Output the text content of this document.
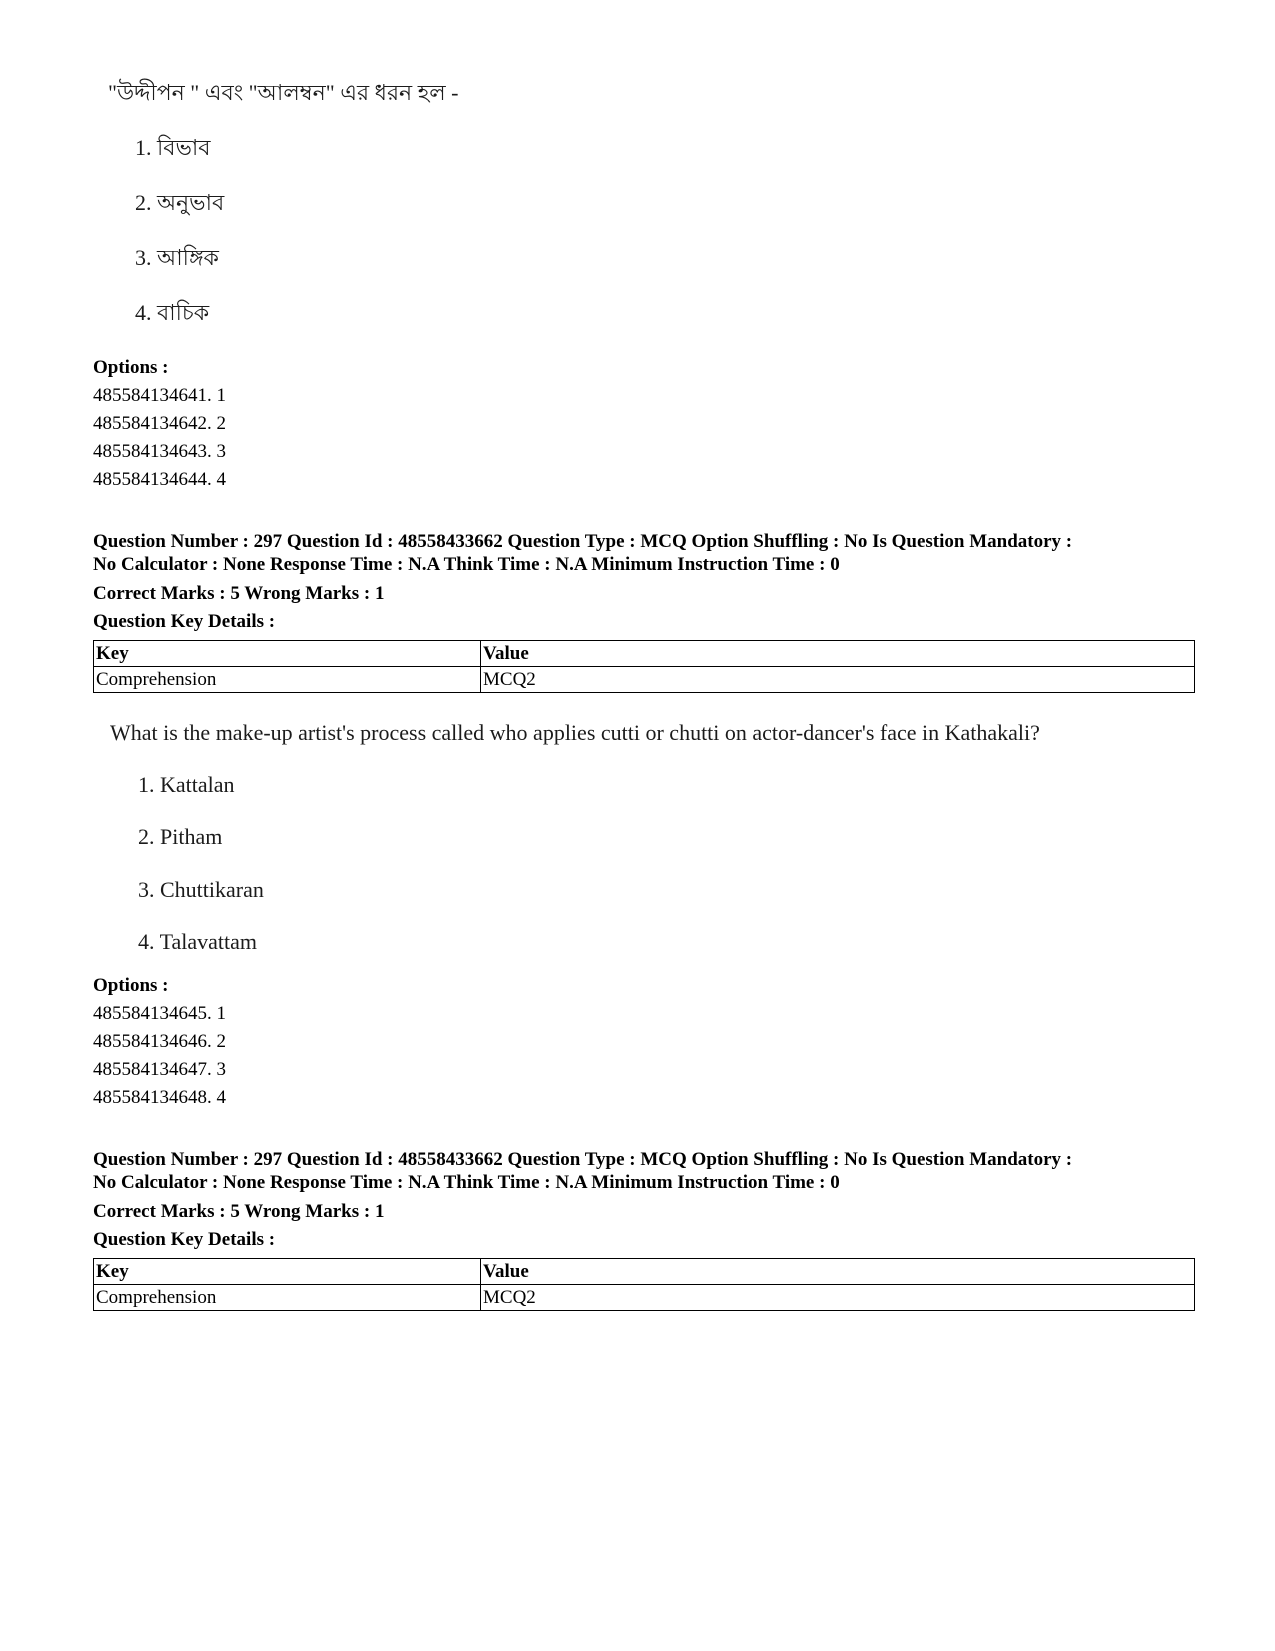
"উদ্দীপন " এবং "আলম্বন" এর ধরন হল -
1. বিভাব
2. অনুভাব
3. আঙ্গিক
4. বাচিক
Options :
485584134641. 1
485584134642. 2
485584134643. 3
485584134644. 4
Question Number : 297 Question Id : 48558433662 Question Type : MCQ Option Shuffling : No Is Question Mandatory :
No Calculator : None Response Time : N.A Think Time : N.A Minimum Instruction Time : 0
Correct Marks : 5 Wrong Marks : 1
Question Key Details :
Key	Value
Comprehension	MCQ2
What is the make-up artist's process called who applies cutti or chutti on actor-dancer's face in Kathakali?
1. Kattalan
2. Pitham
3. Chuttikaran
4. Talavattam
Options :
485584134645. 1
485584134646. 2
485584134647. 3
485584134648. 4
Question Number : 297 Question Id : 48558433662 Question Type : MCQ Option Shuffling : No Is Question Mandatory :
No Calculator : None Response Time : N.A Think Time : N.A Minimum Instruction Time : 0
Correct Marks : 5 Wrong Marks : 1
Question Key Details :
Key	Value
Comprehension	MCQ2
